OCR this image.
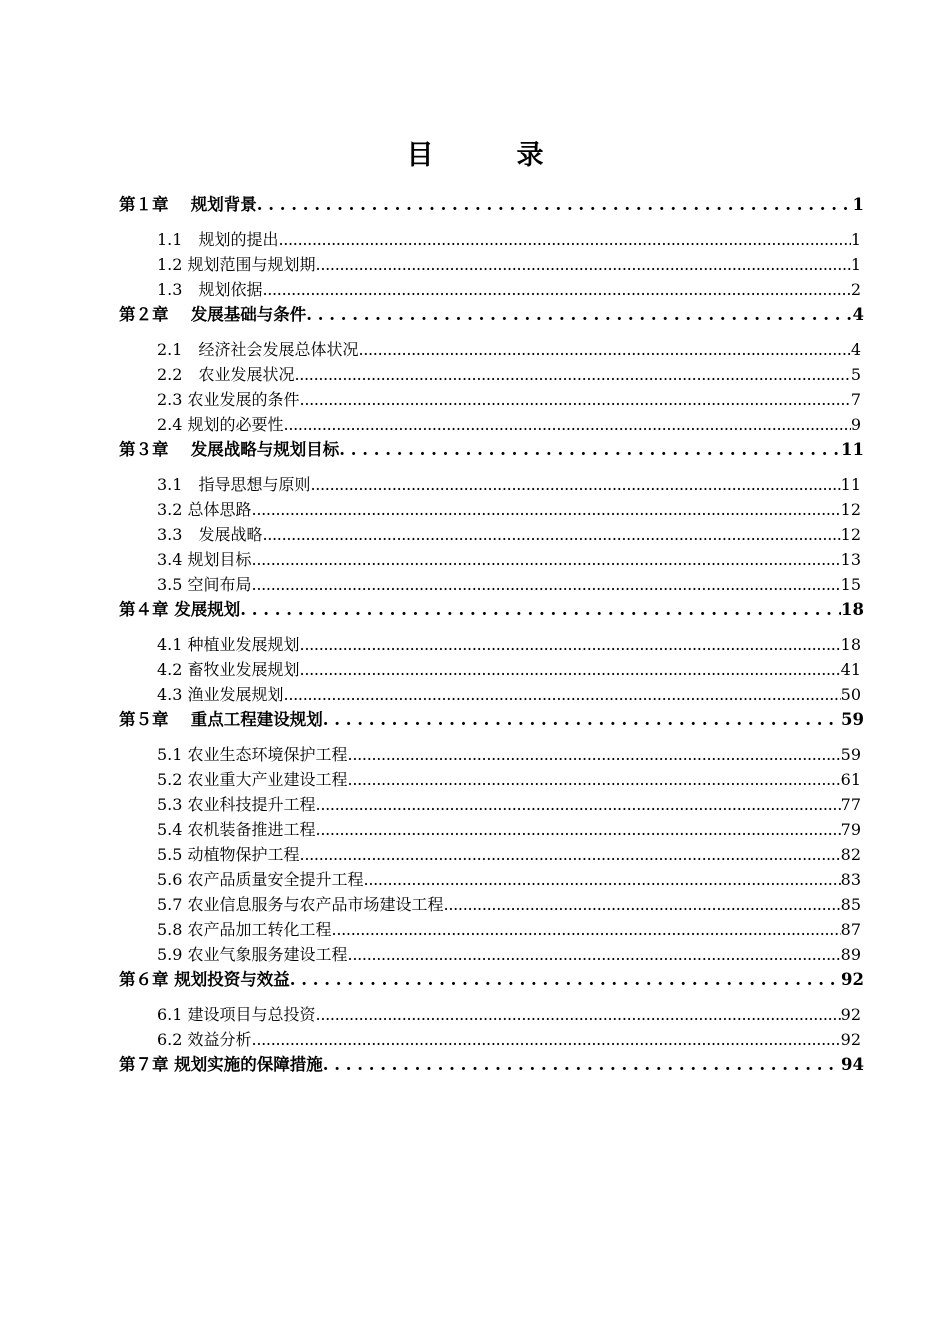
目　录
第１章　 规划背景 . . .	1
1.1　规划的提出 .....	1
1.2 规划范围与规划期 .....	1
1.3　规划依据 .....	2
第２章　 发展基础与条件 . . .	4
2.1　经济社会发展总体状况 .....	4
2.2　农业发展状况 .....	5
2.3 农业发展的条件 .....	7
2.4 规划的必要性 .....	9
第３章　 发展战略与规划目标 . . .	11
3.1　指导思想与原则 .....	11
3.2 总体思路 .....	12
3.3　发展战略 .....	12
3.4 规划目标 .....	13
3.5 空间布局 .....	15
第４章 发展规划 . . .	18
4.1 种植业发展规划 .....	18
4.2 畜牧业发展规划 .....	41
4.3 渔业发展规划 .....	50
第５章　 重点工程建设规划 . . .	59
5.1 农业生态环境保护工程 .....	59
5.2 农业重大产业建设工程 .....	61
5.3 农业科技提升工程 .....	77
5.4 农机装备推进工程 .....	79
5.5 动植物保护工程 .....	82
5.6 农产品质量安全提升工程 .....	83
5.7 农业信息服务与农产品市场建设工程 .....	85
5.8 农产品加工转化工程 .....	87
5.9 农业气象服务建设工程 .....	89
第６章 规划投资与效益 . . .	92
6.1 建设项目与总投资 .....	92
6.2 效益分析 .....	92
第７章 规划实施的保障措施 . . .	94
